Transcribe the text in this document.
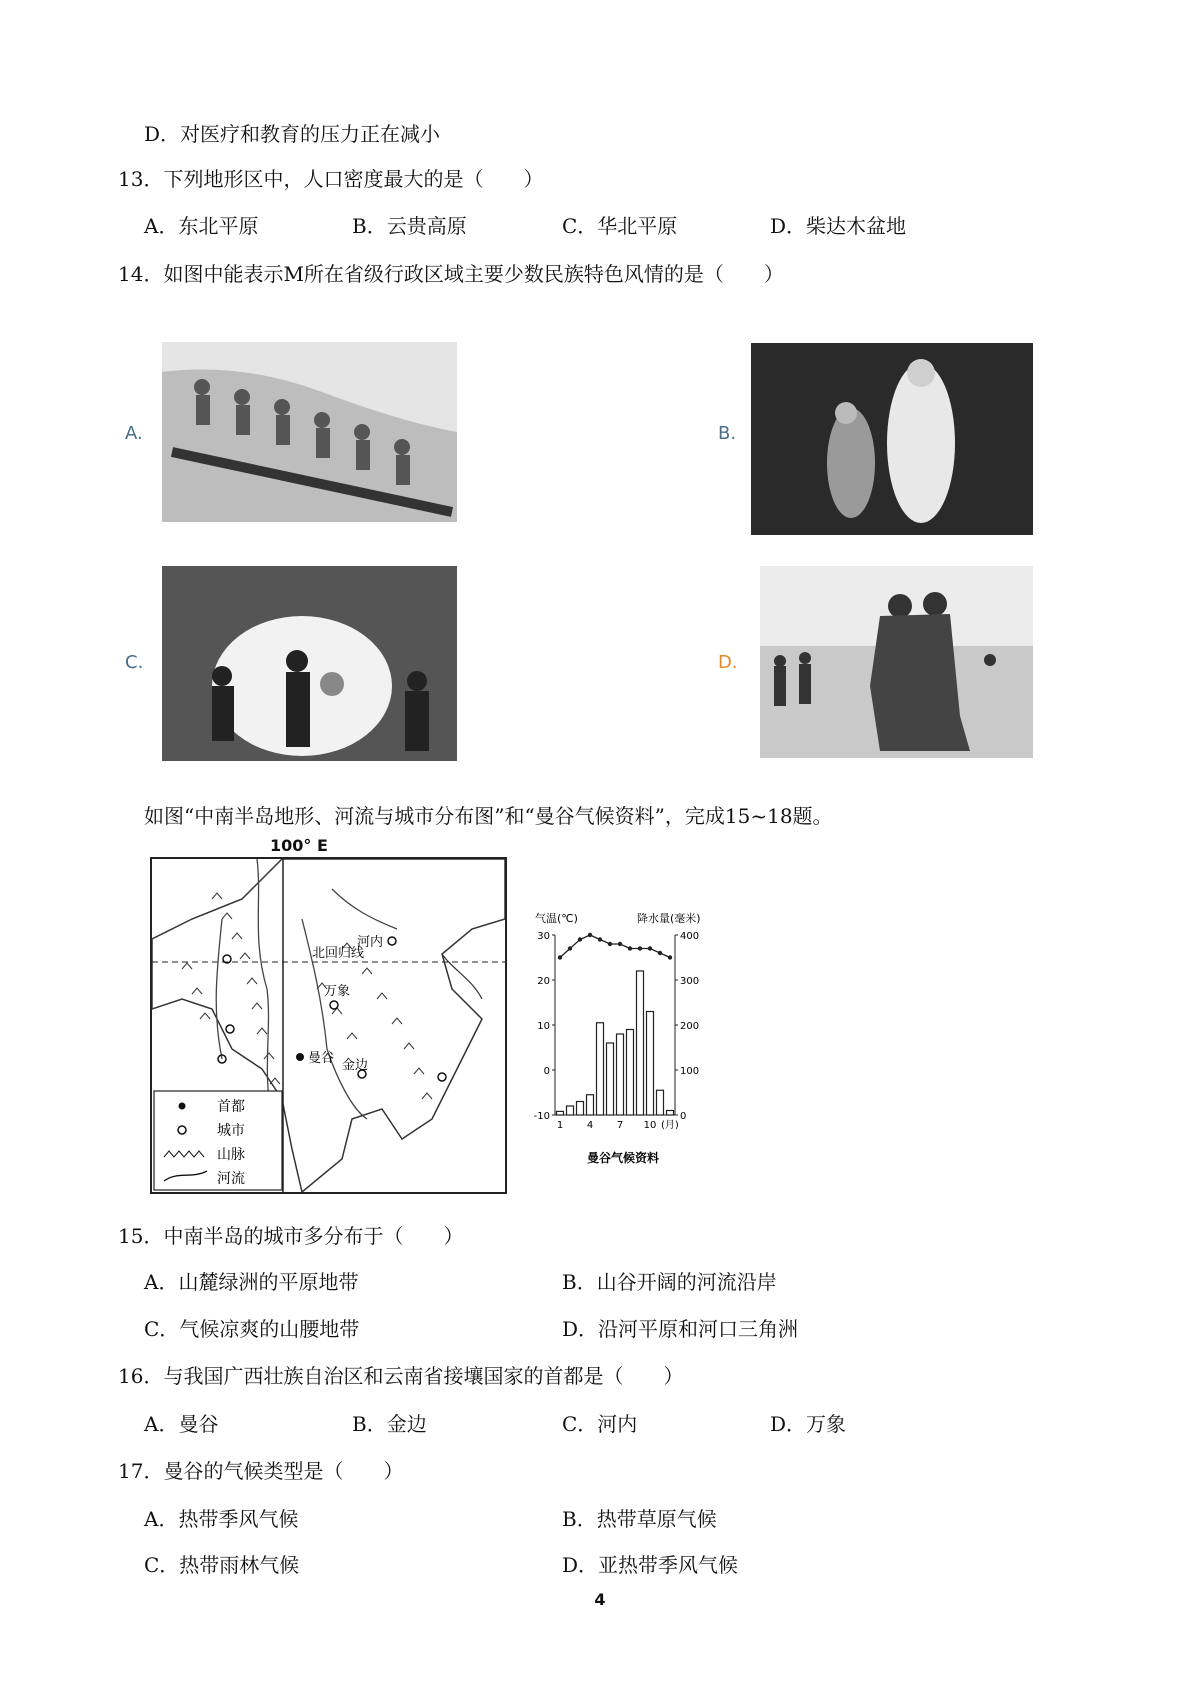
D．对医疗和教育的压力正在减小
13．下列地形区中，人口密度最大的是（　　）
A．东北平原	B．云贵高原	C．华北平原	D．柴达木盆地
14．如图中能表示M所在省级行政区域主要少数民族特色风情的是（　　）
A.	B.
C.	D.
如图“中南半岛地形、河流与城市分布图”和“曼谷气候资料”，完成15~18题。
100° E
北回归线
河内
万象
曼谷 金边
首都
城市
山脉
河流
气温(℃)	降水量(毫米)
30
20
10
0
-10
400
300
200
100
0
1 4 7 10 (月)
曼谷气候资料
15．中南半岛的城市多分布于（　　）
A．山麓绿洲的平原地带	B．山谷开阔的河流沿岸
C．气候凉爽的山腰地带	D．沿河平原和河口三角洲
16．与我国广西壮族自治区和云南省接壤国家的首都是（　　）
A．曼谷	B．金边	C．河内	D．万象
17．曼谷的气候类型是（　　）
A．热带季风气候	B．热带草原气候
C．热带雨林气候	D．亚热带季风气候
4
